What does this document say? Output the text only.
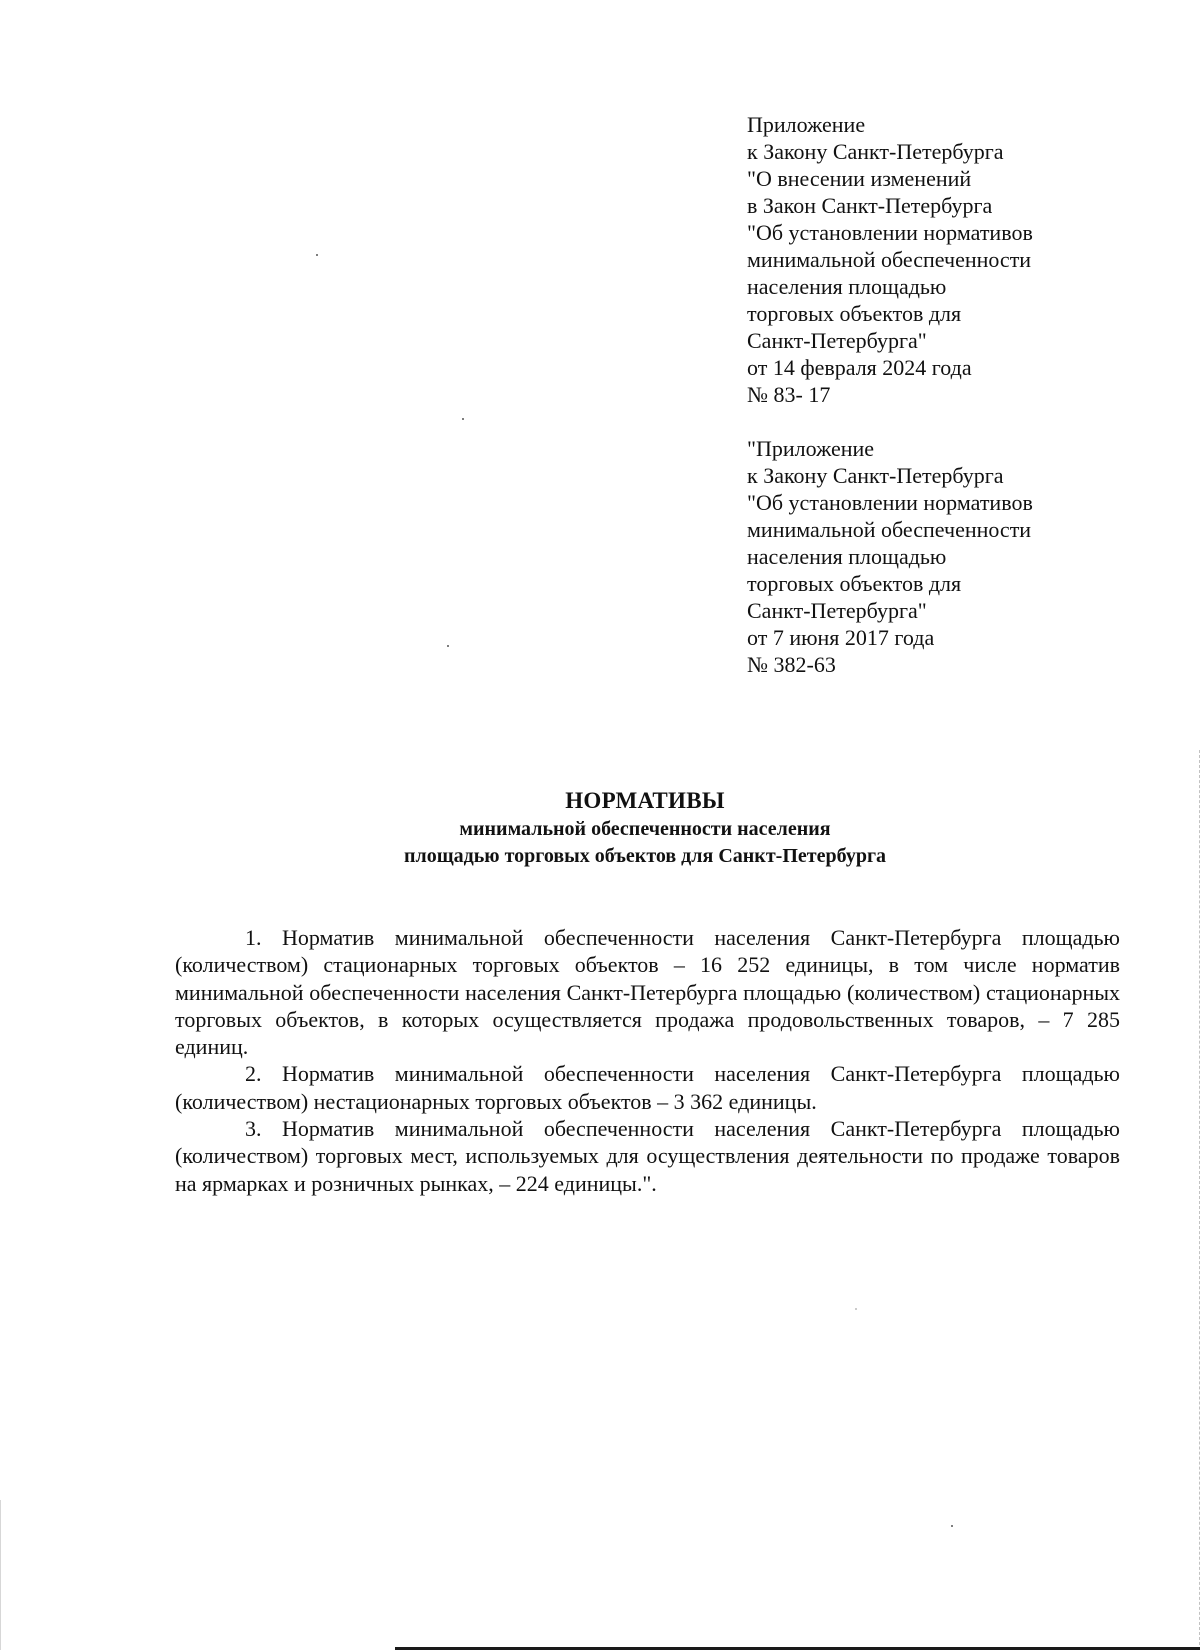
Приложение
к Закону Санкт-Петербурга
"О внесении изменений
в Закон Санкт-Петербурга
"Об установлении нормативов
минимальной обеспеченности
населения площадью
торговых объектов для
Санкт-Петербурга"
от 14 февраля 2024 года
№ 83- 17
"Приложение
к Закону Санкт-Петербурга
"Об установлении нормативов
минимальной обеспеченности
населения площадью
торговых объектов для
Санкт-Петербурга"
от 7 июня 2017 года
№ 382-63
НОРМАТИВЫ
минимальной обеспеченности населения
площадью торговых объектов для Санкт-Петербурга

1. Норматив минимальной обеспеченности населения Санкт-Петербурга площадью (количеством) стационарных торговых объектов – 16 252 единицы, в том числе норматив минимальной обеспеченности населения Санкт-Петербурга площадью (количеством) стационарных торговых объектов, в которых осуществляется продажа продовольственных товаров, – 7 285 единиц.

2. Норматив минимальной обеспеченности населения Санкт-Петербурга площадью (количеством) нестационарных торговых объектов – 3 362 единицы.

3. Норматив минимальной обеспеченности населения Санкт-Петербурга площадью (количеством) торговых мест, используемых для осуществления деятельности по продаже товаров на ярмарках и розничных рынках, – 224 единицы.".
